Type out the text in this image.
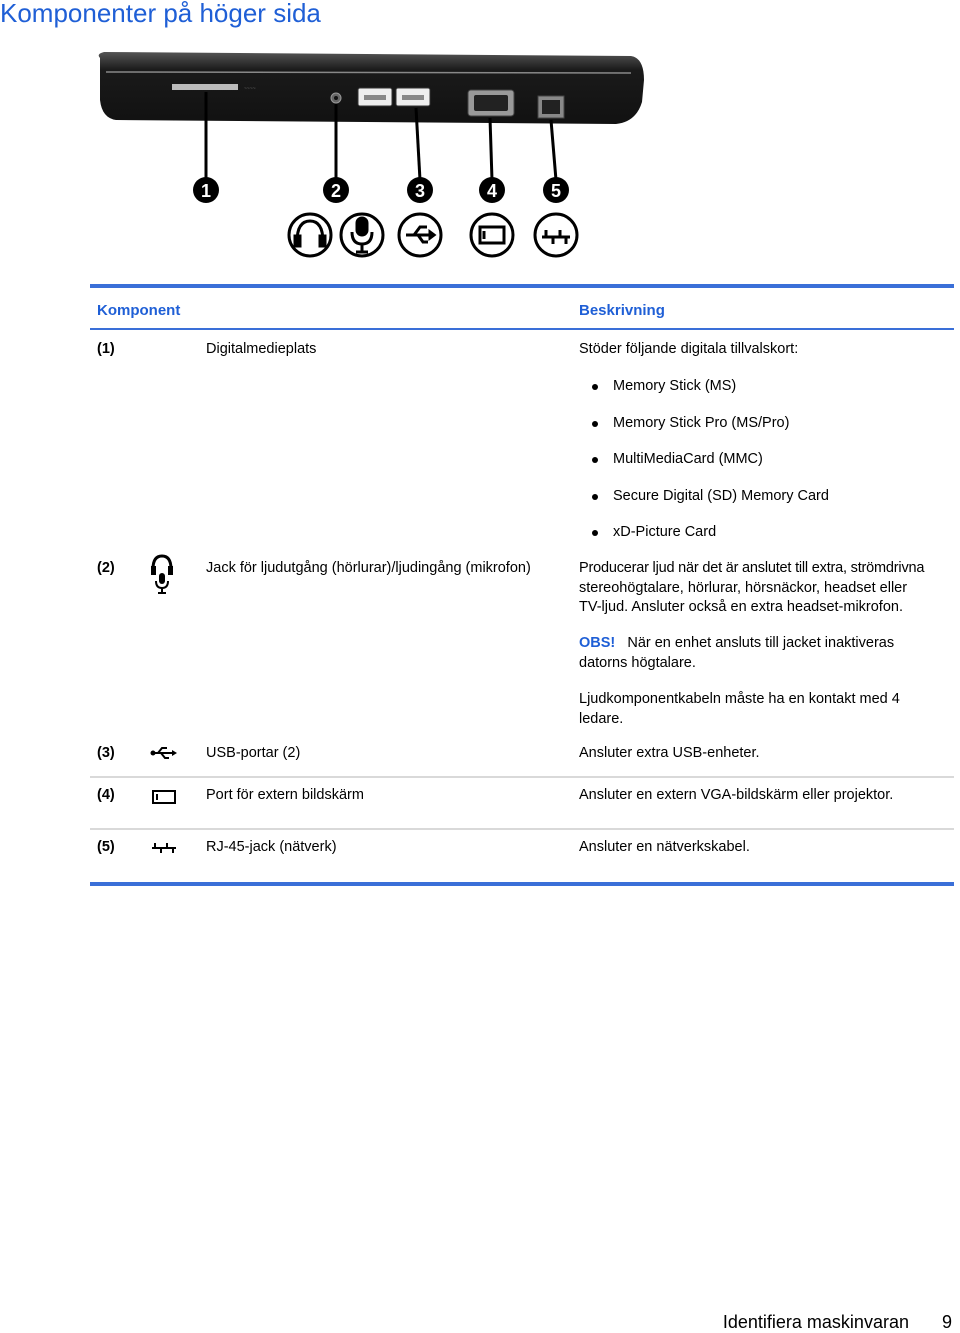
Komponenter på höger sida
~~~~
1	2	3	4	5
Komponent	Beskrivning
(1)	Digitalmedieplats	Stöder följande digitala tillvalskort:
Memory Stick (MS)
Memory Stick Pro (MS/Pro)
MultiMediaCard (MMC)
Secure Digital (SD) Memory Card
xD-Picture Card
(2)	Jack för ljudutgång (hörlurar)/ljudingång (mikrofon)	Producerar ljud när det är anslutet till extra, strömdrivna
stereohögtalare, hörlurar, hörsnäckor, headset eller
TV-ljud. Ansluter också en extra headset-mikrofon.
OBS! När en enhet ansluts till jacket inaktiveras
datorns högtalare.
Ljudkomponentkabeln måste ha en kontakt med 4
ledare.
(3)	USB-portar (2)	Ansluter extra USB-enheter.
(4)	Port för extern bildskärm	Ansluter en extern VGA-bildskärm eller projektor.
(5)	RJ-45-jack (nätverk)	Ansluter en nätverkskabel.
Identifiera maskinvaran 9
